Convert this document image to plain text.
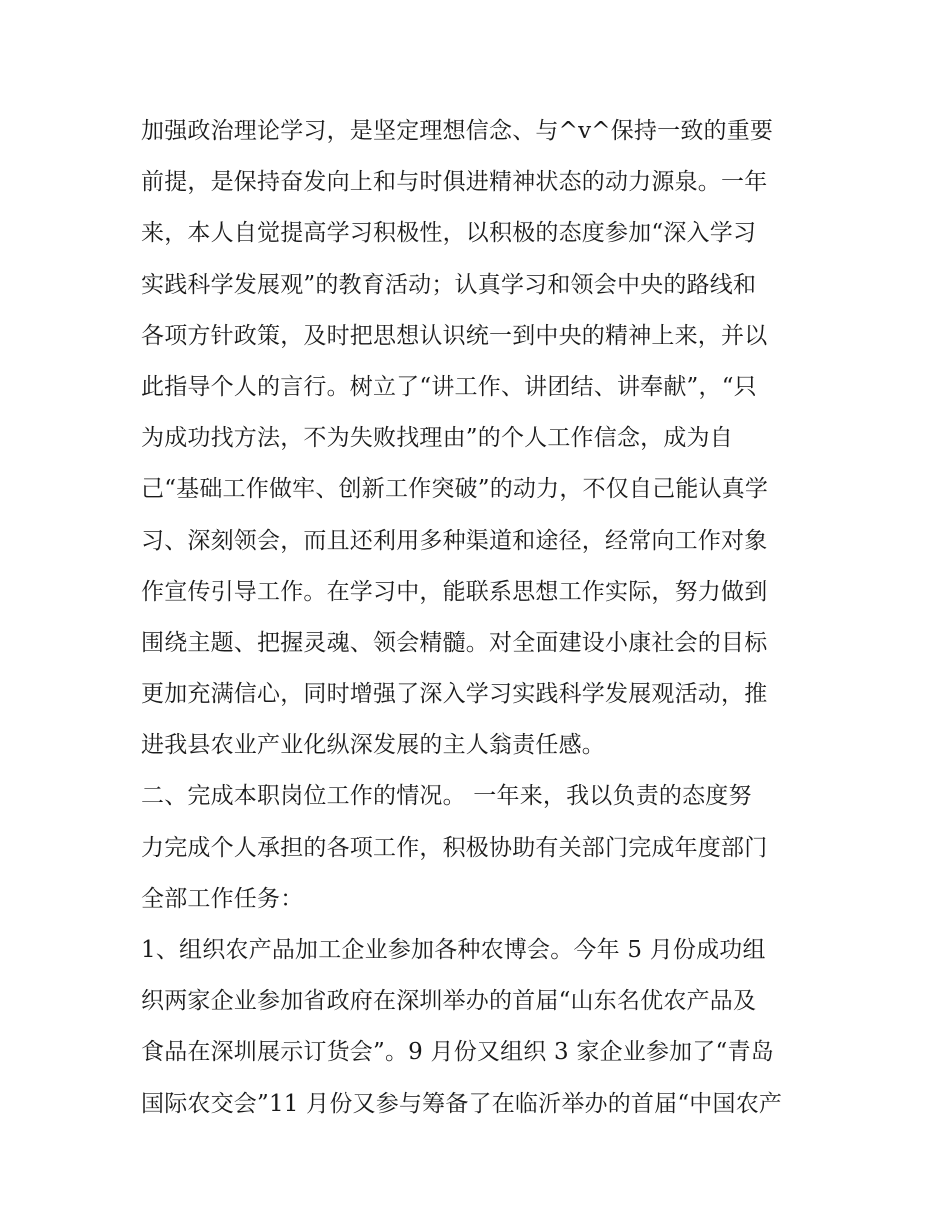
加强政治理论学习，是坚定理想信念、与^v^保持一致的重要
前提，是保持奋发向上和与时俱进精神状态的动力源泉。一年
来，本人自觉提高学习积极性，以积极的态度参加“深入学习
实践科学发展观”的教育活动；认真学习和领会中央的路线和
各项方针政策，及时把思想认识统一到中央的精神上来，并以
此指导个人的言行。树立了“讲工作、讲团结、讲奉献”，“只
为成功找方法，不为失败找理由”的个人工作信念，成为自
己“基础工作做牢、创新工作突破”的动力，不仅自己能认真学
习、深刻领会，而且还利用多种渠道和途径，经常向工作对象
作宣传引导工作。在学习中，能联系思想工作实际，努力做到
围绕主题、把握灵魂、领会精髓。对全面建设小康社会的目标
更加充满信心，同时增强了深入学习实践科学发展观活动，推
进我县农业产业化纵深发展的主人翁责任感。
二、完成本职岗位工作的情况。 一年来，我以负责的态度努
力完成个人承担的各项工作，积极协助有关部门完成年度部门
全部工作任务：
1、组织农产品加工企业参加各种农博会。今年 5 月份成功组
织两家企业参加省政府在深圳举办的首届“山东名优农产品及
食品在深圳展示订货会”。9 月份又组织 3 家企业参加了“青岛
国际农交会”11 月份又参与筹备了在临沂举办的首届“中国农产
